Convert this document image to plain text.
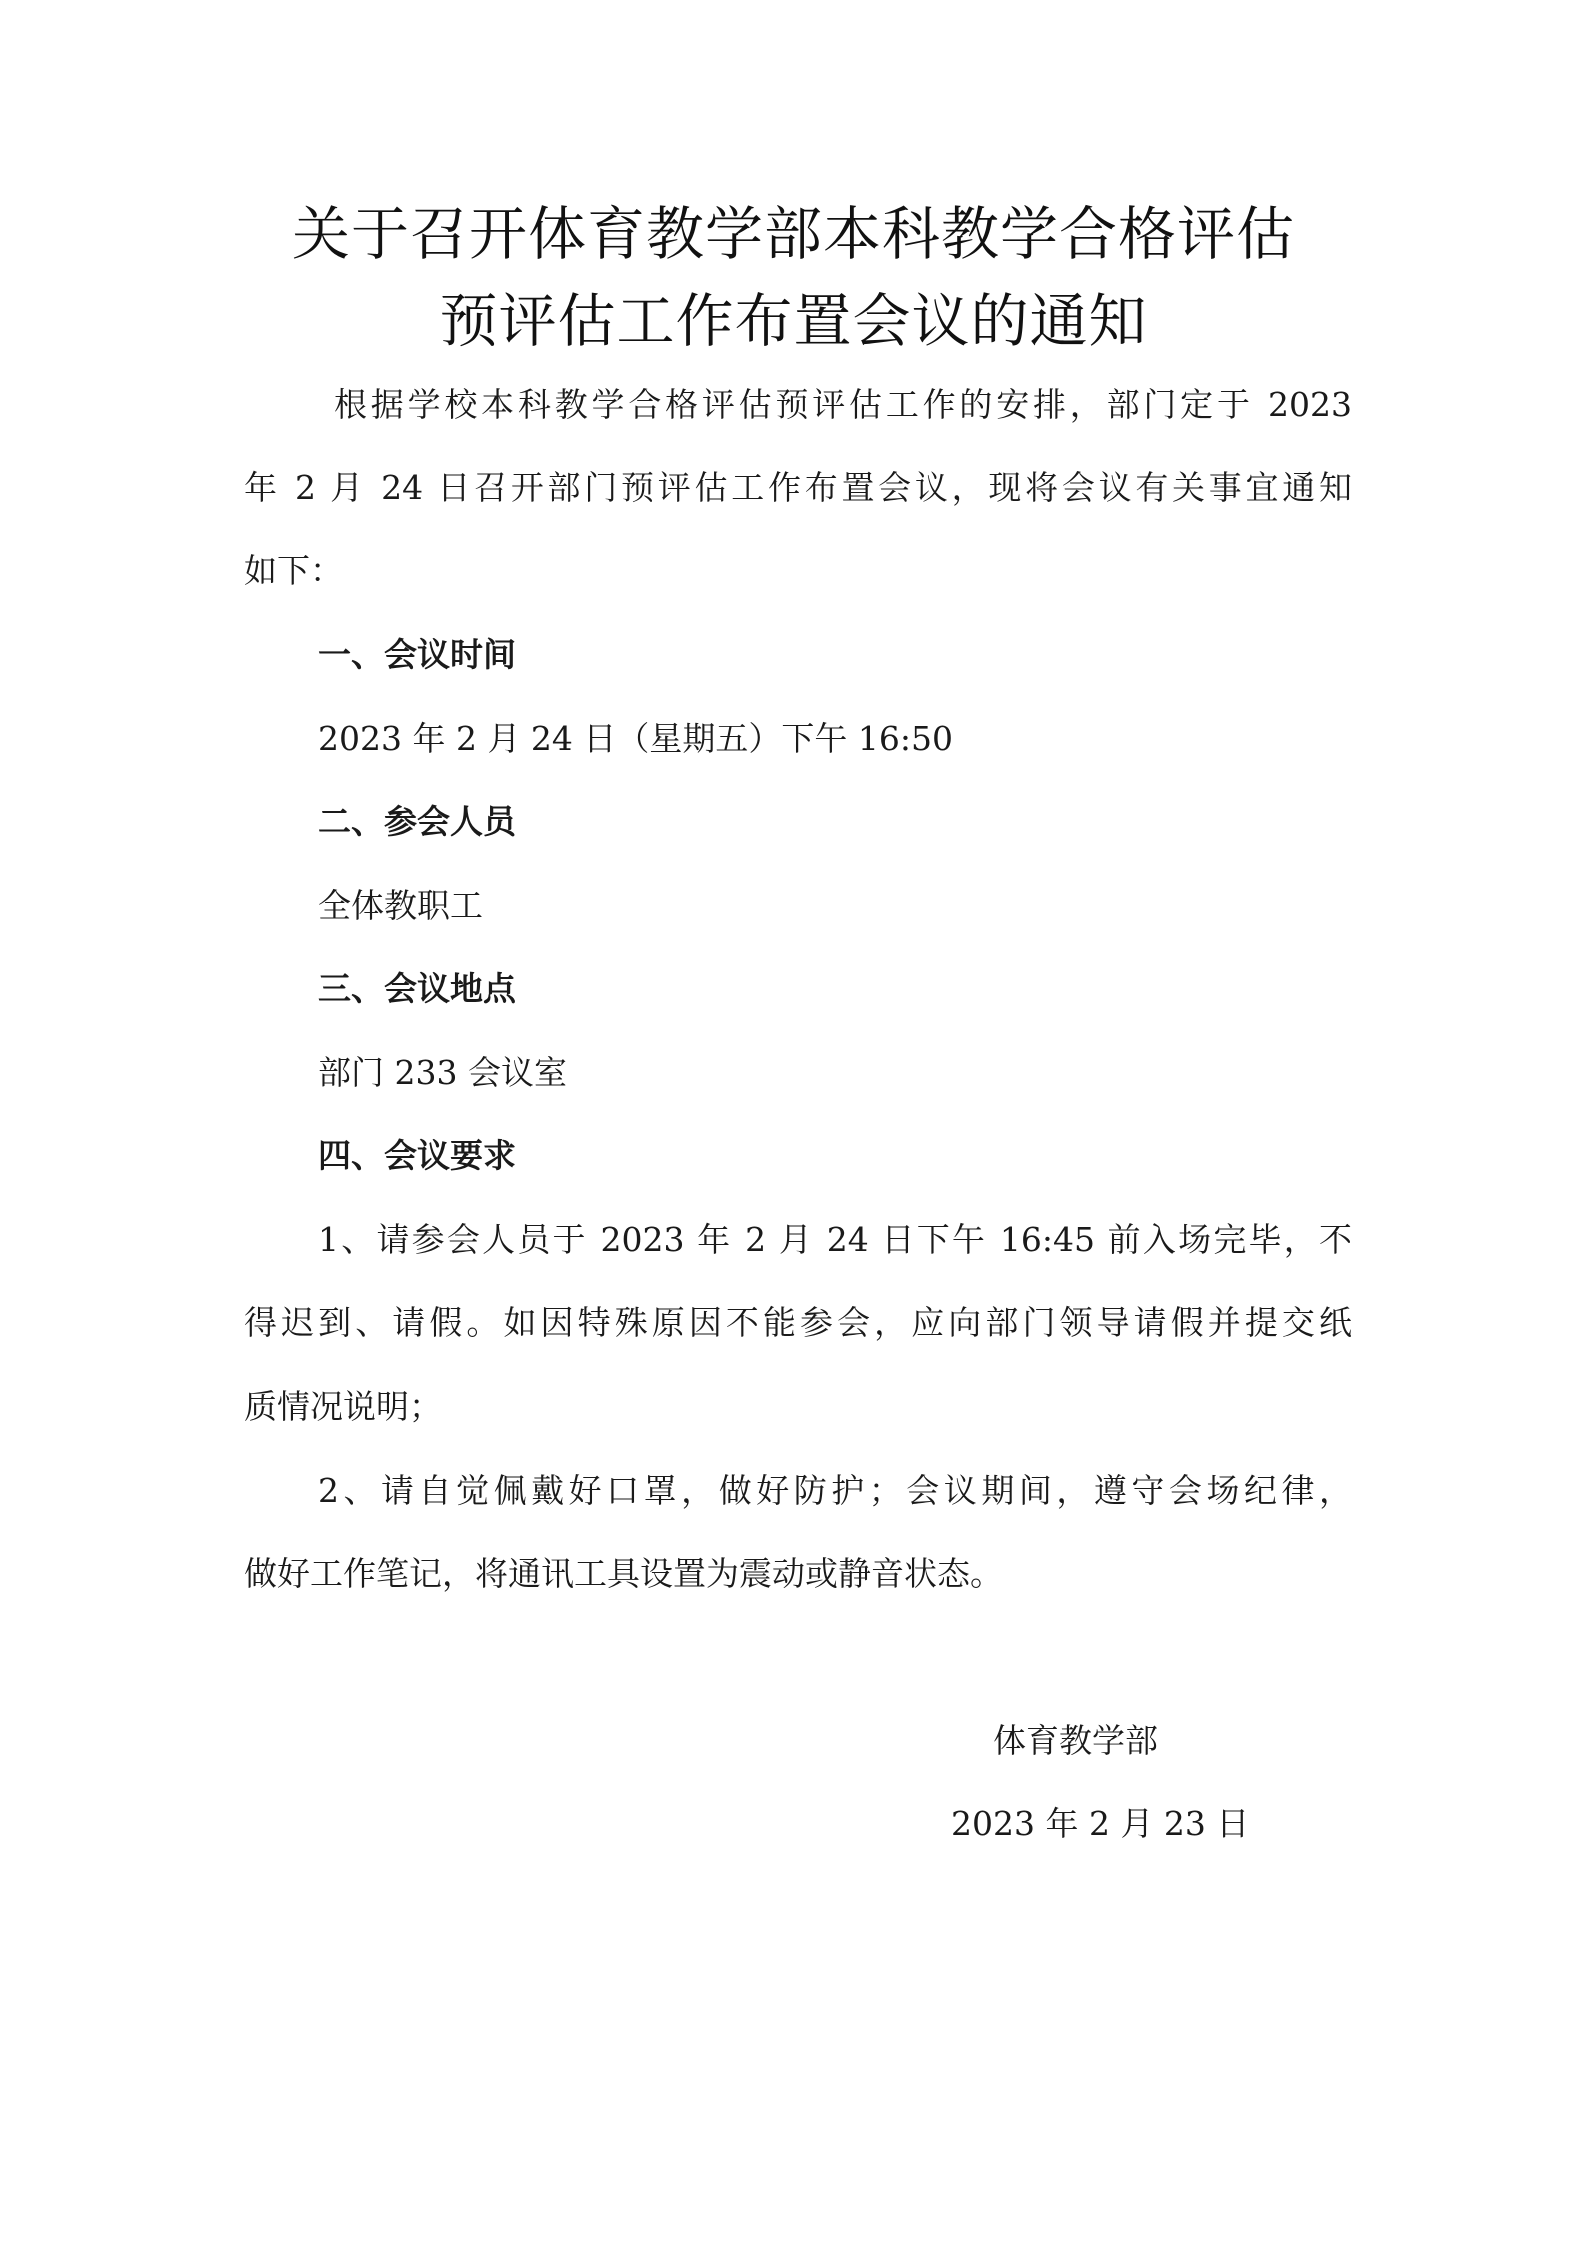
关于召开体育教学部本科教学合格评估
预评估工作布置会议的通知
根据学校本科教学合格评估预评估工作的安排，部门定于 2023
年 2 月 24 日召开部门预评估工作布置会议，现将会议有关事宜通知
如下：
一、会议时间
2023 年 2 月 24 日（星期五）下午 16:50
二、参会人员
全体教职工
三、会议地点
部门 233 会议室
四、会议要求
1、请参会人员于 2023 年 2 月 24 日下午 16:45 前入场完毕，不
得迟到、请假。如因特殊原因不能参会，应向部门领导请假并提交纸
质情况说明；
2、请自觉佩戴好口罩，做好防护；会议期间，遵守会场纪律，
做好工作笔记，将通讯工具设置为震动或静音状态。
体育教学部
2023 年 2 月 23 日
